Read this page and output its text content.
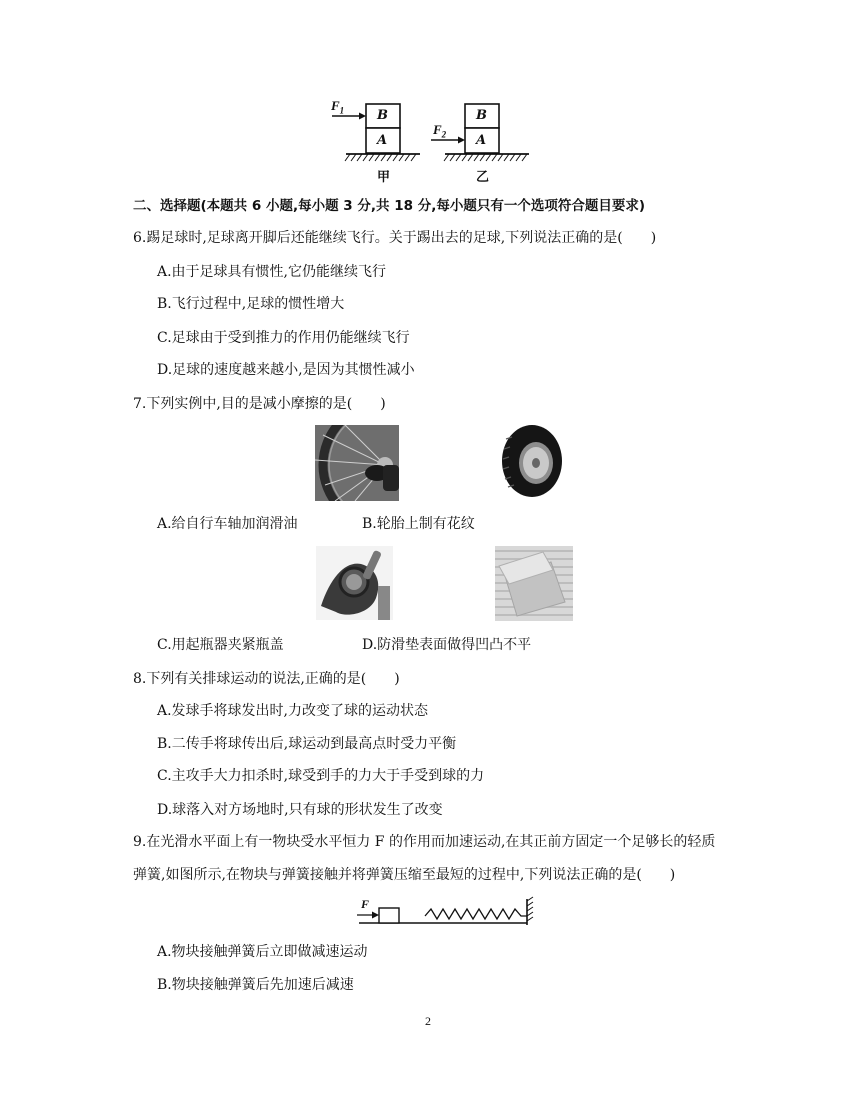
$F_1$
$F_2$
B
A
B
A
甲	乙
二、选择题(本题共 6 小题,每小题 3 分,共 18 分,每小题只有一个选项符合题目要求)
6.踢足球时,足球离开脚后还能继续飞行。关于踢出去的足球,下列说法正确的是(　　)
A.由于足球具有惯性,它仍能继续飞行
B.飞行过程中,足球的惯性增大
C.足球由于受到推力的作用仍能继续飞行
D.足球的速度越来越小,是因为其惯性减小
7.下列实例中,目的是减小摩擦的是(　　)
A.给自行车轴加润滑油	B.轮胎上制有花纹
C.用起瓶器夹紧瓶盖	D.防滑垫表面做得凹凸不平
8.下列有关排球运动的说法,正确的是(　　)
A.发球手将球发出时,力改变了球的运动状态
B.二传手将球传出后,球运动到最高点时受力平衡
C.主攻手大力扣杀时,球受到手的力大于手受到球的力
D.球落入对方场地时,只有球的形状发生了改变
9.在光滑水平面上有一物块受水平恒力 F 的作用而加速运动,在其正前方固定一个足够长的轻质
弹簧,如图所示,在物块与弹簧接触并将弹簧压缩至最短的过程中,下列说法正确的是(　　)
F
A.物块接触弹簧后立即做减速运动
B.物块接触弹簧后先加速后减速
2
